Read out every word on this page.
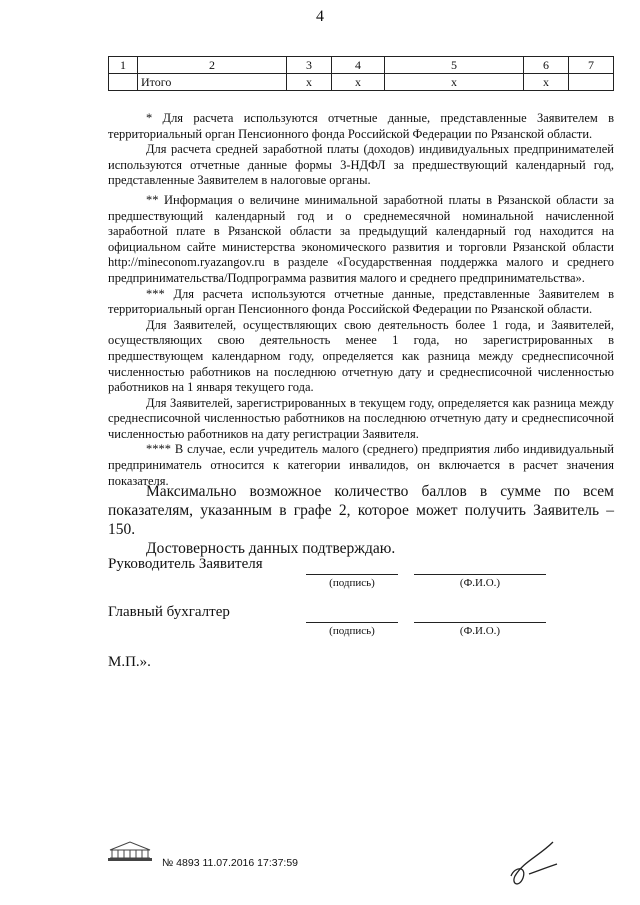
4
1	2	3	4	5	6	7
	Итого	х	х	х	х	

* Для расчета используются отчетные данные, представленные Заявителем в территориальный орган Пенсионного фонда Российской Федерации по Рязанской области.

Для расчета средней заработной платы (доходов) индивидуальных предпринимателей используются отчетные данные формы 3-НДФЛ за предшествующий календарный год, представленные Заявителем в налоговые органы.

** Информация о величине минимальной заработной платы в Рязанской области за предшествующий календарный год и о среднемесячной номинальной начисленной заработной плате в Рязанской области за предыдущий календарный год находится на официальном сайте министерства экономического развития и торговли Рязанской области http://mineconom.ryazangov.ru в разделе «Государственная поддержка малого и среднего предпринимательства/Подпрограмма развития малого и среднего предпринимательства».

*** Для расчета используются отчетные данные, представленные Заявителем в территориальный орган Пенсионного фонда Российской Федерации по Рязанской области.

Для Заявителей, осуществляющих свою деятельность более 1 года, и Заявителей, осуществляющих свою деятельность менее 1 года, но зарегистрированных в предшествующем календарном году, определяется как разница между среднесписочной численностью работников на последнюю отчетную дату и среднесписочной численностью работников на 1 января текущего года.

Для Заявителей, зарегистрированных в текущем году, определяется как разница между среднесписочной численностью работников на последнюю отчетную дату и среднесписочной численностью работников на дату регистрации Заявителя.

**** В случае, если учредитель малого (среднего) предприятия либо индивидуальный предприниматель относится к категории инвалидов, он включается в расчет значения показателя.

Максимально возможное количество баллов в сумме по всем показателям, указанным в графе 2, которое может получить Заявитель – 150.

Достоверность данных подтверждаю.

Руководитель Заявителя
(подпись)	(Ф.И.О.)
Главный бухгалтер
(подпись)	(Ф.И.О.)
М.П.».
№ 4893 11.07.2016 17:37:59
